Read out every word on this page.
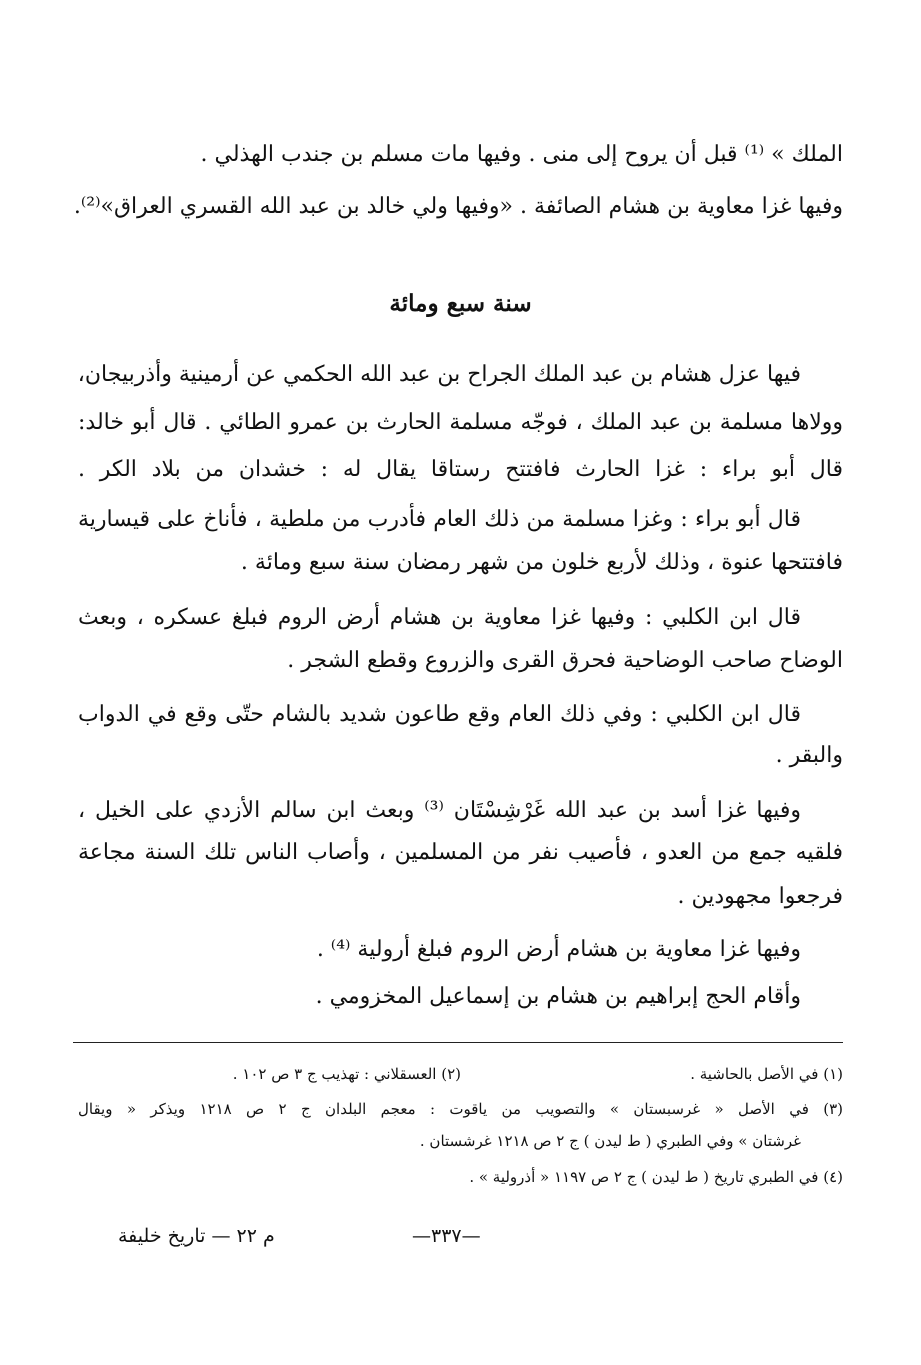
الملك » ⁽¹⁾ قبل أن يروح إلى منى . وفيها مات مسلم بن جندب الهذلي .
وفيها غزا معاوية بن هشام الصائفة . «وفيها ولي خالد بن عبد الله القسري العراق»⁽²⁾.
سنة سبع ومائة
فيها عزل هشام بن عبد الملك الجراح بن عبد الله الحكمي عن أرمينية وأذربيجان،
وولاها مسلمة بن عبد الملك ، فوجّه مسلمة الحارث بن عمرو الطائي . قال أبو خالد:
قال أبو براء : غزا الحارث فافتتح رستاقا يقال له : خشدان من بلاد الكر .
قال أبو براء : وغزا مسلمة من ذلك العام فأدرب من ملطية ، فأناخ على قيسارية
فافتتحها عنوة ، وذلك لأربع خلون من شهر رمضان سنة سبع ومائة .
قال ابن الكلبي : وفيها غزا معاوية بن هشام أرض الروم فبلغ عسكره ، وبعث
الوضاح صاحب الوضاحية فحرق القرى والزروع وقطع الشجر .
قال ابن الكلبي : وفي ذلك العام وقع طاعون شديد بالشام حتّى وقع في الدواب
والبقر .
وفيها غزا أسد بن عبد الله غَرْشِسْتَان ⁽³⁾ وبعث ابن سالم الأزدي على الخيل ،
فلقيه جمع من العدو ، فأصيب نفر من المسلمين ، وأصاب الناس تلك السنة مجاعة
فرجعوا مجهودين .
وفيها غزا معاوية بن هشام أرض الروم فبلغ أرولية ⁽⁴⁾ .
وأقام الحج إبراهيم بن هشام بن إسماعيل المخزومي .
(١) في الأصل بالحاشية .
(٢) العسقلاني : تهذيب ج ٣ ص ١٠٢ .
(٣) في الأصل « غرسبستان » والتصويب من ياقوت : معجم البلدان ج ٢ ص ١٢١٨ ويذكر « ويقال
غرشتان » وفي الطبري ( ط ليدن ) ج ٢ ص ١٢١٨ غرشستان .
(٤) في الطبري تاريخ ( ط ليدن ) ج ٢ ص ١١٩٧ « أذرولية » .
—٣٣٧—
م ٢٢ — تاريخ خليفة
